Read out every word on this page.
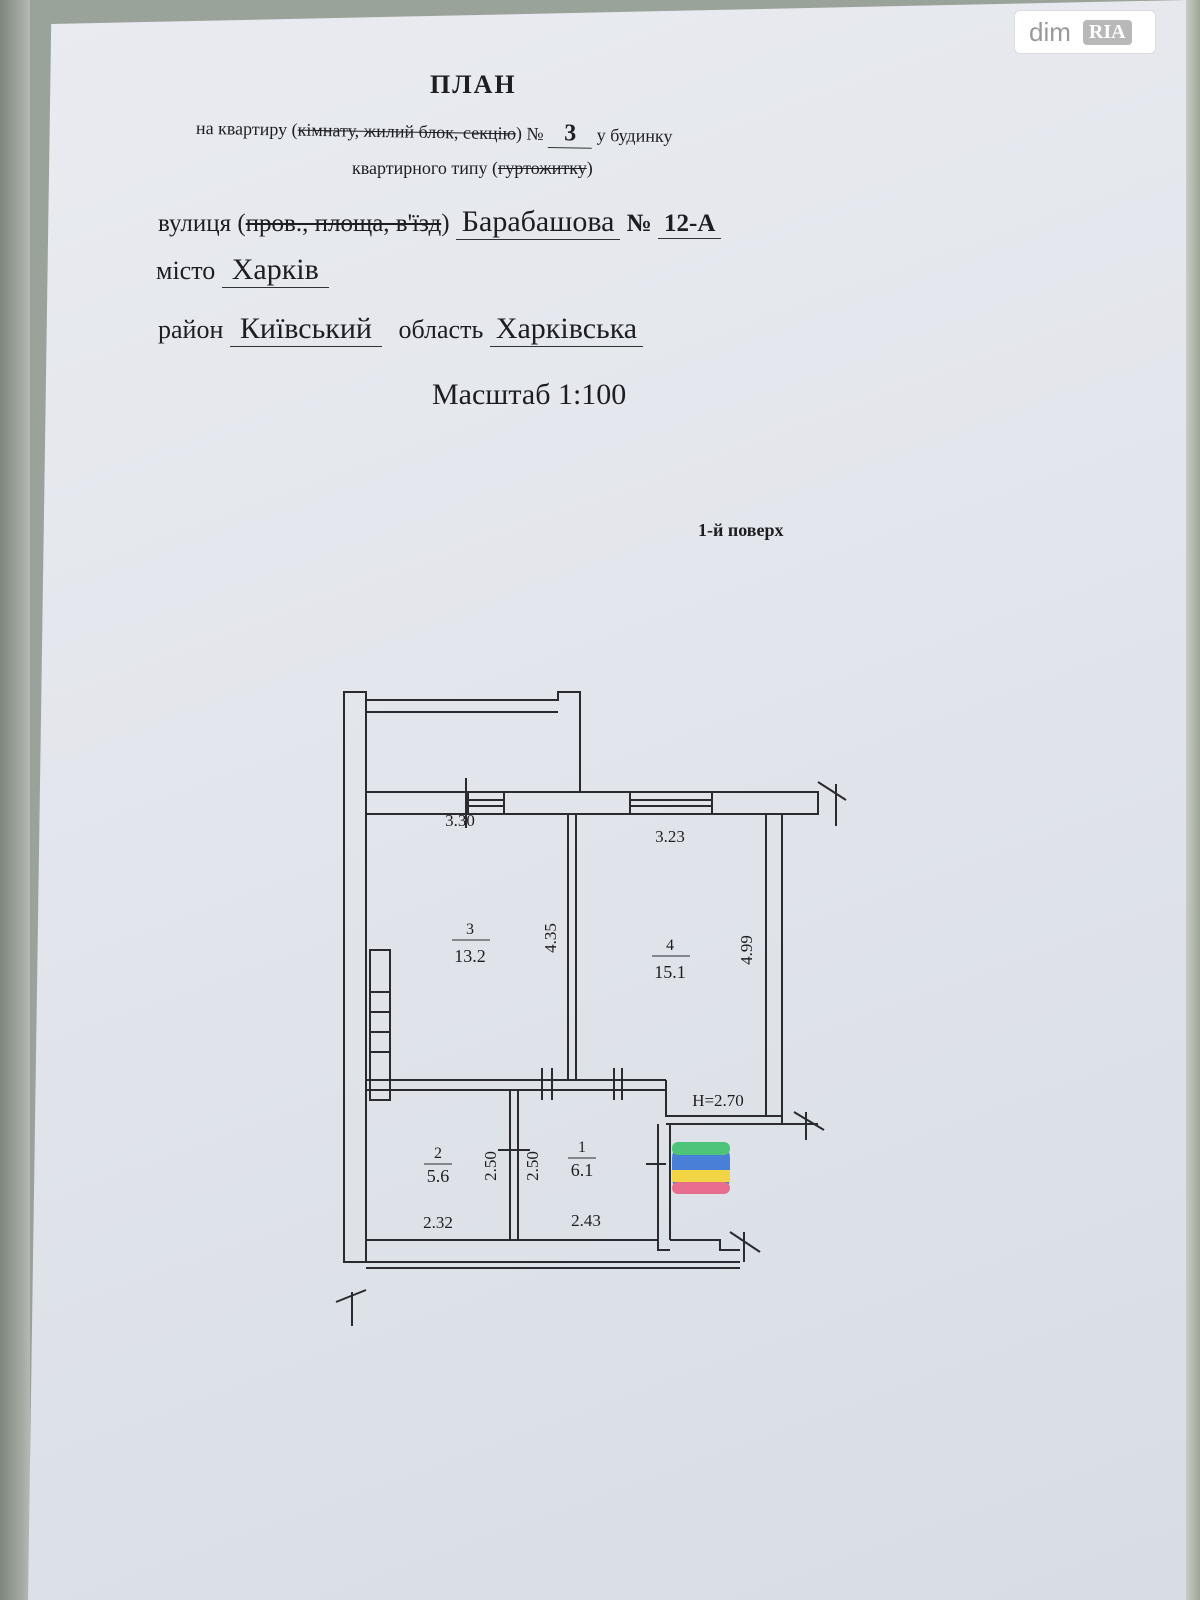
dim RIA
ПЛАН
на квартиру (кімнату, жилий блок, секцію) № 3 у будинку
квартирного типу (гуртожитку)
вулиця (пров., площа, в'їзд) Барабашова № 12-А
місто Харків
район Київський область Харківська
Масштаб 1:100
1-й поверх
3.30
3.23
3
13.2
4.35	4
15.1
4.99
Н=2.70
2
5.6 2.50
2.32
1
6.1
2.50
2.43
